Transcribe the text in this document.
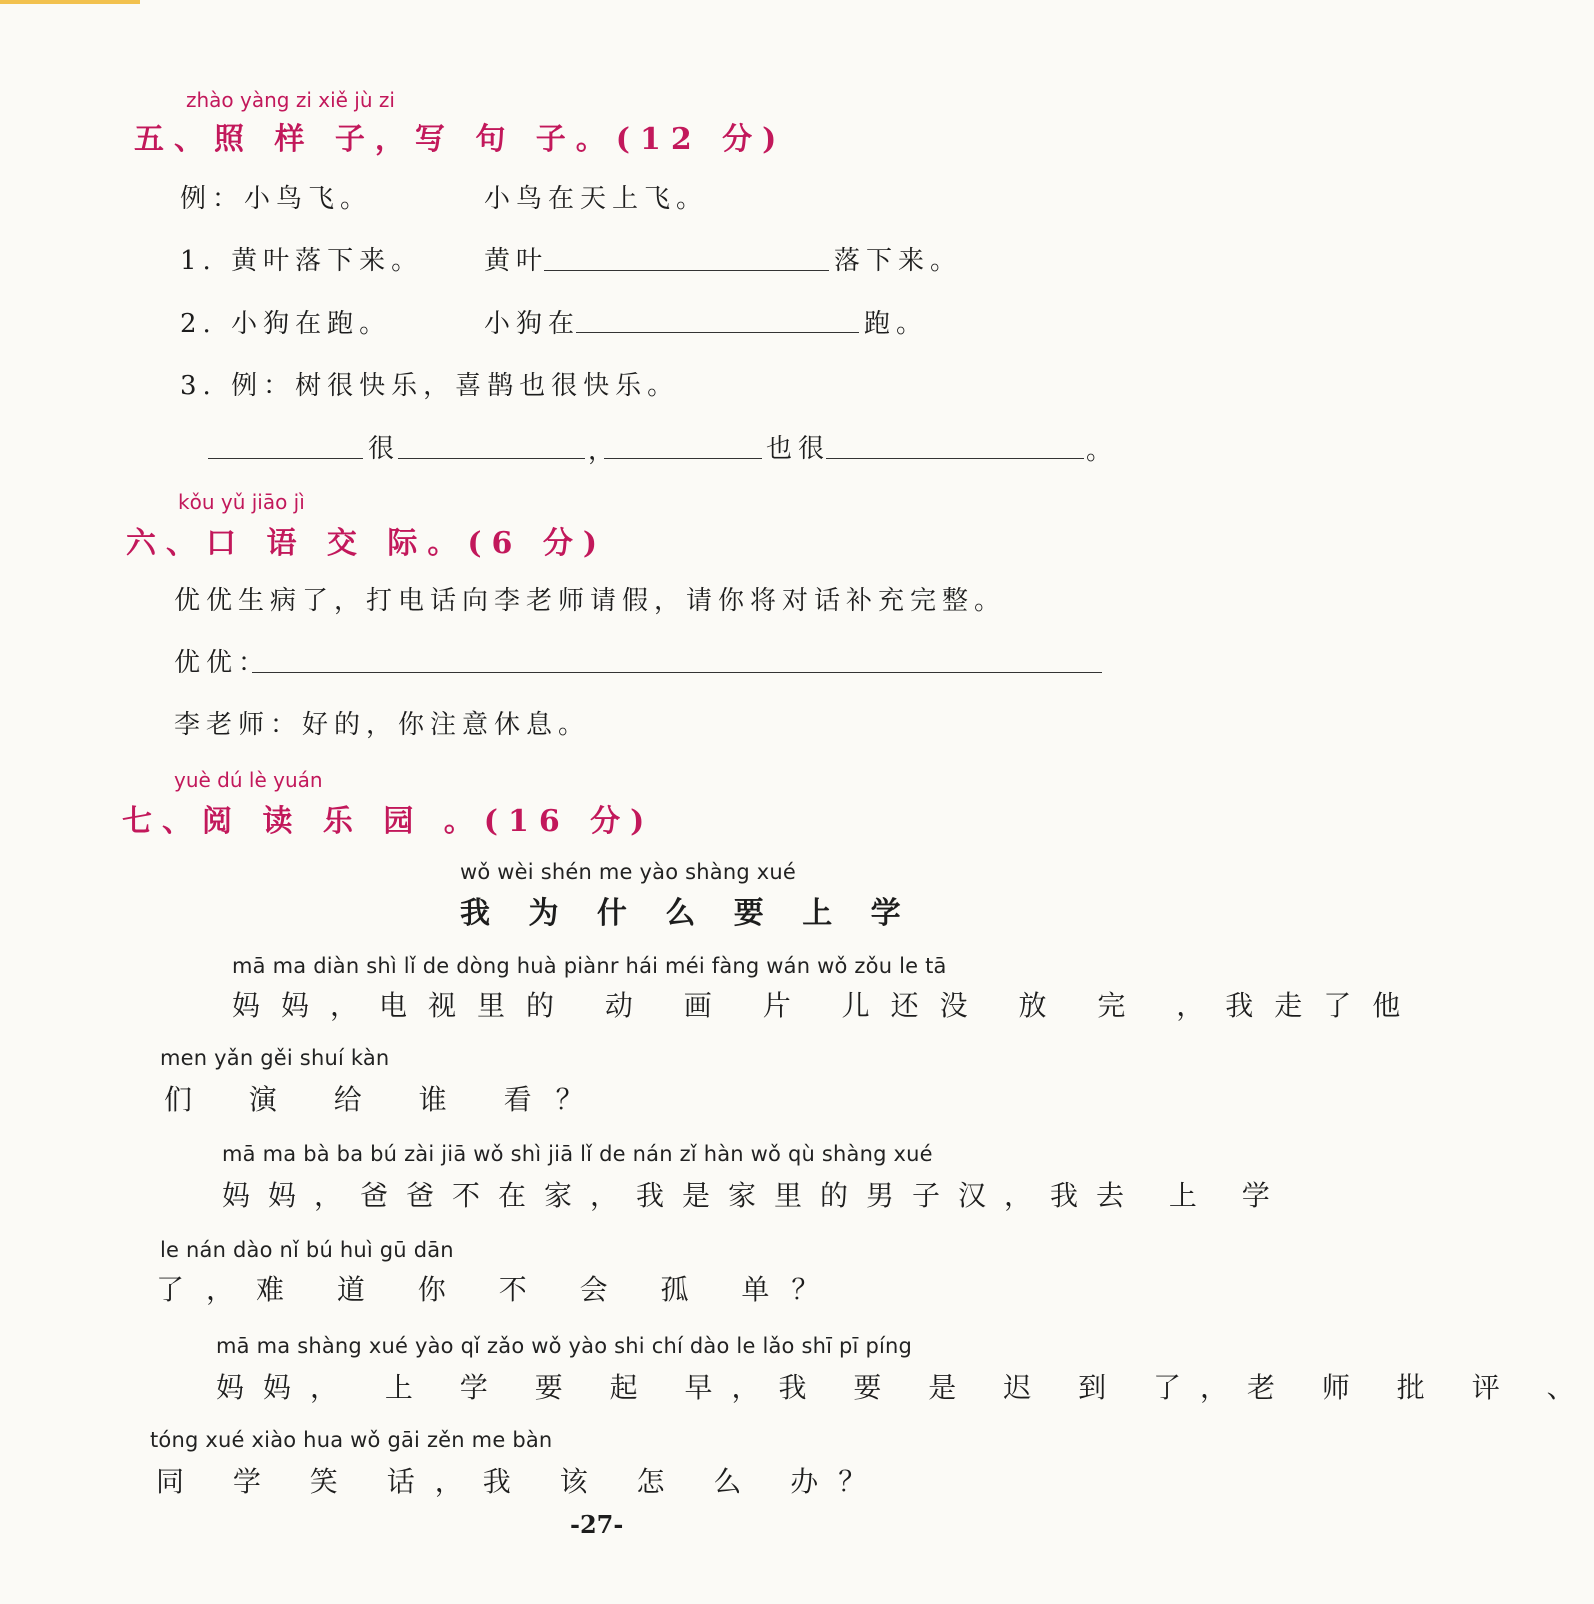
zhào yàng zi xiě jù zi
五、照 样 子，写 句 子。(12 分)
例：小鸟飞。	小鸟在天上飞。
1. 黄叶落下来。 黄叶	落下来。
2. 小狗在跑。	小狗在	跑。
3. 例：树很快乐，喜鹊也很快乐。
很	，	也很	。
kǒu yǔ jiāo jì
六、口 语 交 际。(6 分)
优优生病了，打电话向李老师请假，请你将对话补充完整。
优优：
李老师：好的，你注意休息。
yuè dú lè yuán
七、阅 读 乐 园 。(16 分)
wǒ wèi shén me yào shàng xué
我 为 什 么 要 上 学
mā ma diàn shì lǐ de dòng huà piànr hái méi fàng wán wǒ zǒu le tā
妈妈，电视里的 动 画 片 儿还没 放 完 ，我走了他
men yǎn gěi shuí kàn
们 演 给 谁 看？
mā ma bà ba bú zài jiā wǒ shì jiā lǐ de nán zǐ hàn wǒ qù shàng xué
妈妈，爸爸不在家，我是家里的男子汉，我去 上 学
le nán dào nǐ bú huì gū dān
了，难 道 你 不 会 孤 单？
mā ma shàng xué yào qǐ zǎo wǒ yào shi chí dào le lǎo shī pī píng
妈妈， 上 学 要 起 早，我 要 是 迟 到 了，老 师 批 评 、
tóng xué xiào hua wǒ gāi zěn me bàn
同 学 笑 话，我 该 怎 么 办？
-27-
